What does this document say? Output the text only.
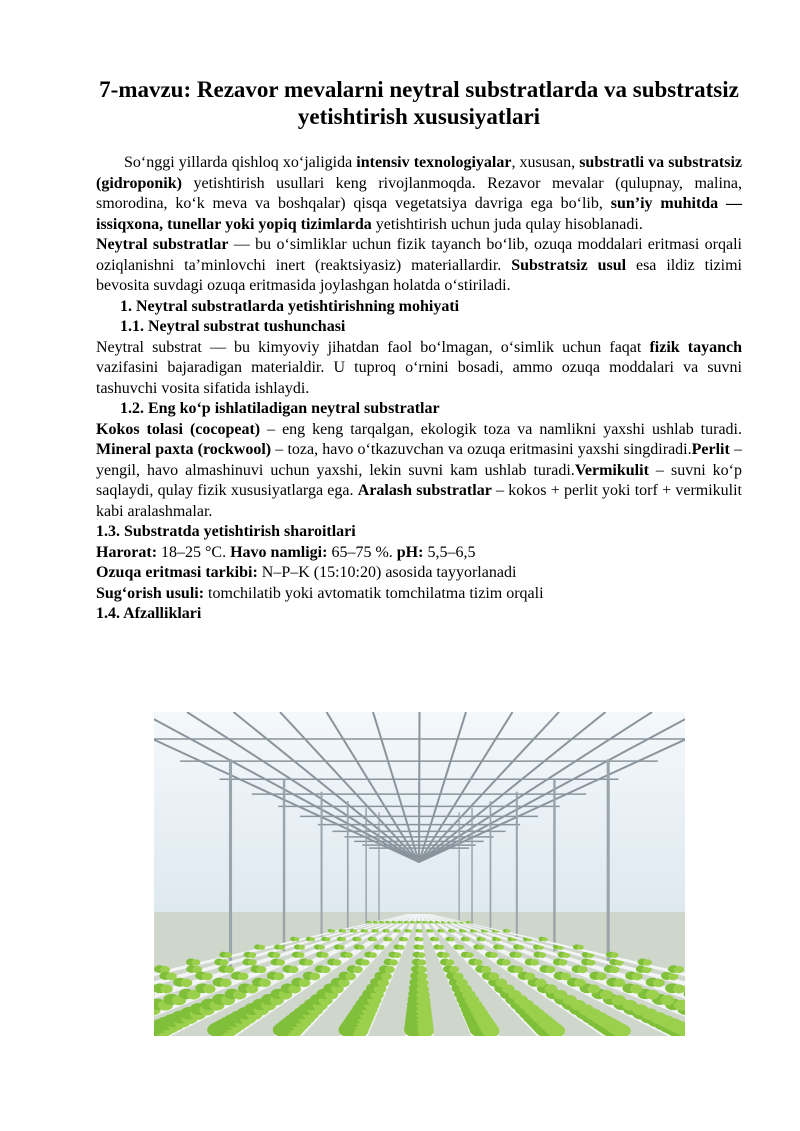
7-mavzu: Rezavor mevalarni neytral substratlarda va substratsiz yetishtirish xususiyatlari

So‘nggi yillarda qishloq xo‘jaligida intensiv texnologiyalar, xususan, substratli va substratsiz (gidroponik) yetishtirish usullari keng rivojlanmoqda. Rezavor mevalar (qulupnay, malina, smorodina, ko‘k meva va boshqalar) qisqa vegetatsiya davriga ega bo‘lib, sun’iy muhitda — issiqxona, tunellar yoki yopiq tizimlarda yetishtirish uchun juda qulay hisoblanadi.

Neytral substratlar — bu o‘simliklar uchun fizik tayanch bo‘lib, ozuqa moddalari eritmasi orqali oziqlanishni ta’minlovchi inert (reaktsiyasiz) materiallardir. Substratsiz usul esa ildiz tizimi bevosita suvdagi ozuqa eritmasida joylashgan holatda o‘stiriladi.

1. Neytral substratlarda yetishtirishning mohiyati

1.1. Neytral substrat tushunchasi

Neytral substrat — bu kimyoviy jihatdan faol bo‘lmagan, o‘simlik uchun faqat fizik tayanch vazifasini bajaradigan materialdir. U tuproq o‘rnini bosadi, ammo ozuqa moddalari va suvni tashuvchi vosita sifatida ishlaydi.

1.2. Eng ko‘p ishlatiladigan neytral substratlar

Kokos tolasi (cocopeat) – eng keng tarqalgan, ekologik toza va namlikni yaxshi ushlab turadi. Mineral paxta (rockwool) – toza, havo o‘tkazuvchan va ozuqa eritmasini yaxshi singdiradi.Perlit – yengil, havo almashinuvi uchun yaxshi, lekin suvni kam ushlab turadi.Vermikulit – suvni ko‘p saqlaydi, qulay fizik xususiyatlarga ega. Aralash substratlar – kokos + perlit yoki torf + vermikulit kabi aralashmalar.

1.3. Substratda yetishtirish sharoitlari

Harorat: 18–25 °C. Havo namligi: 65–75 %. pH: 5,5–6,5

Ozuqa eritmasi tarkibi: N–P–K (15:10:20) asosida tayyorlanadi

Sug‘orish usuli: tomchilatib yoki avtomatik tomchilatma tizim orqali

1.4. Afzalliklari
